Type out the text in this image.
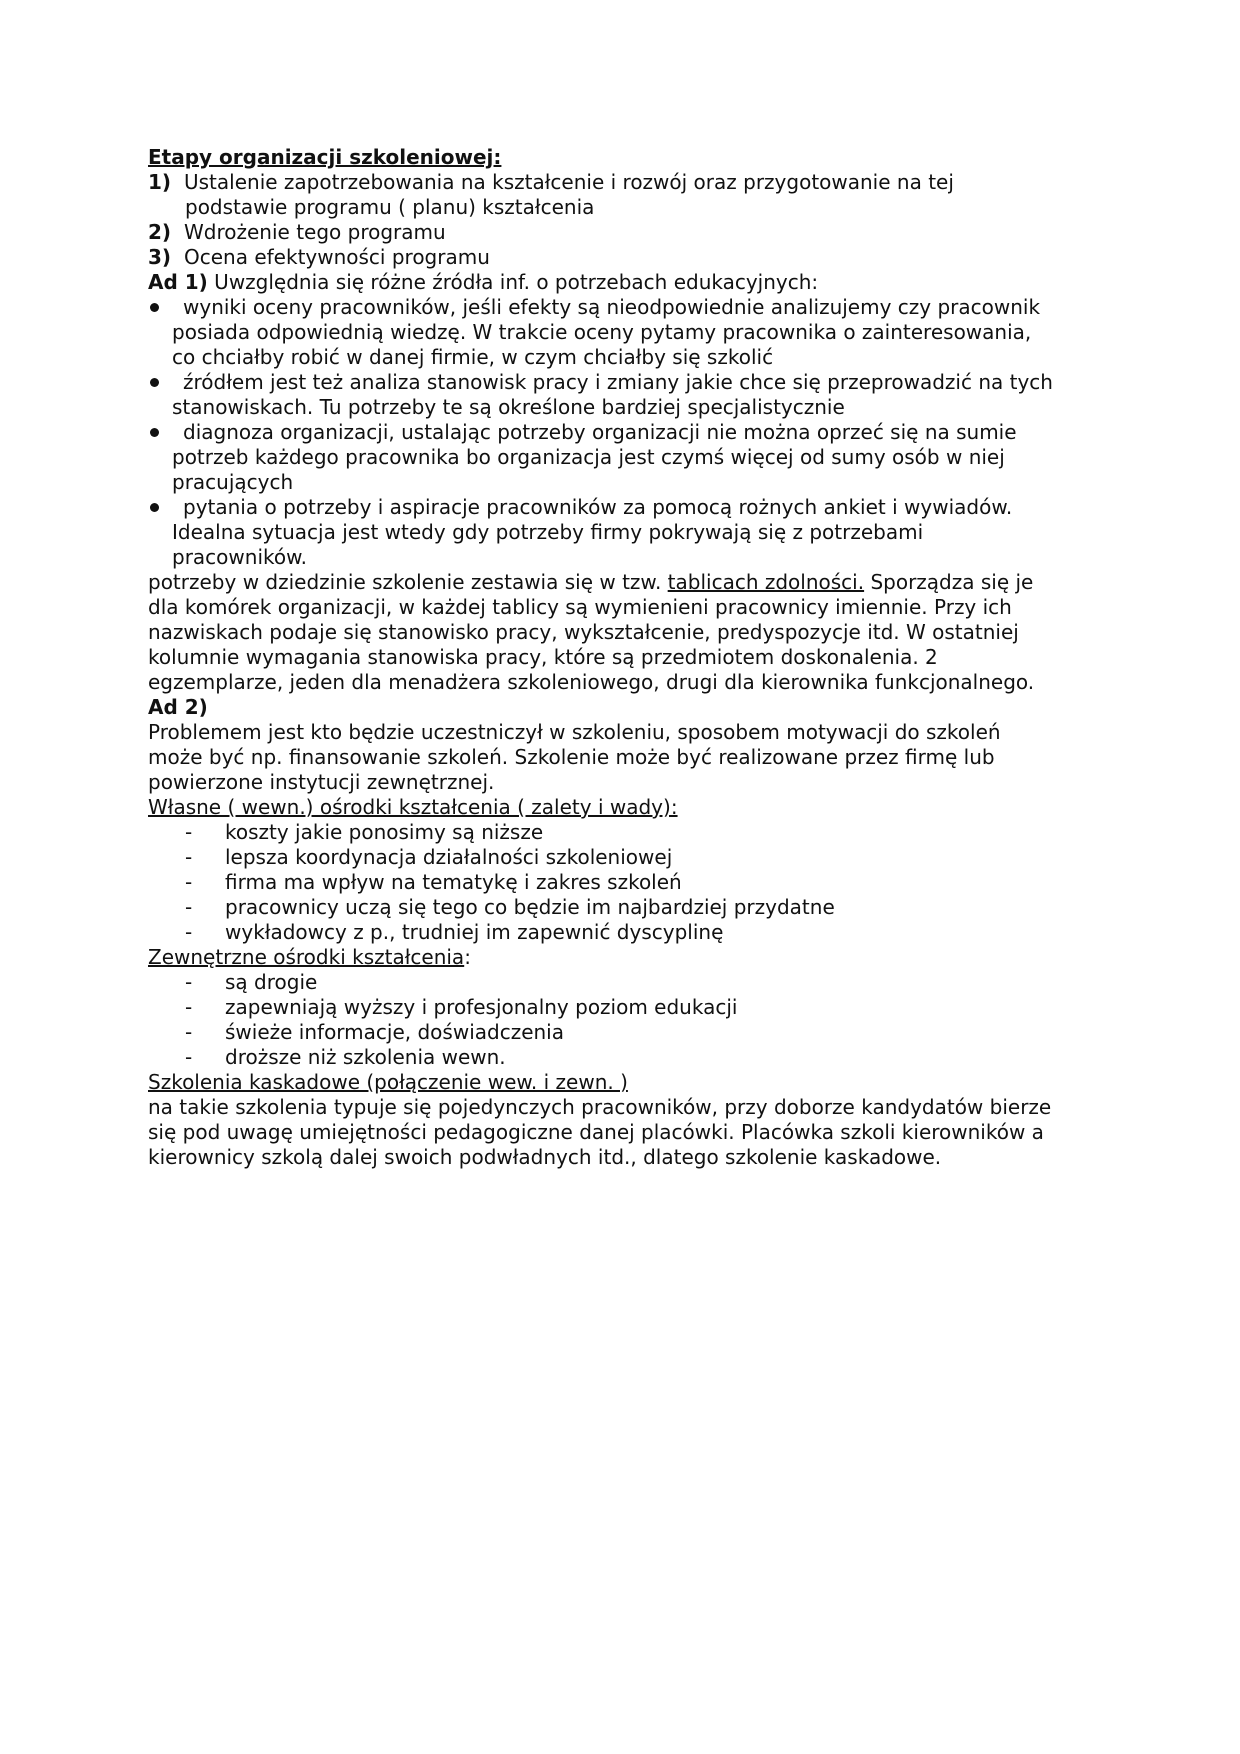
Etapy organizacji szkoleniowej:
1) Ustalenie zapotrzebowania na kształcenie i rozwój oraz przygotowanie na tej
podstawie programu ( planu) kształcenia
2) Wdrożenie tego programu
3) Ocena efektywności programu
Ad 1) Uwzględnia się różne źródła inf. o potrzebach edukacyjnych:
wyniki oceny pracowników, jeśli efekty są nieodpowiednie analizujemy czy pracownik
posiada odpowiednią wiedzę. W trakcie oceny pytamy pracownika o zainteresowania,
co chciałby robić w danej firmie, w czym chciałby się szkolić
źródłem jest też analiza stanowisk pracy i zmiany jakie chce się przeprowadzić na tych
stanowiskach. Tu potrzeby te są określone bardziej specjalistycznie
diagnoza organizacji, ustalając potrzeby organizacji nie można oprzeć się na sumie
potrzeb każdego pracownika bo organizacja jest czymś więcej od sumy osób w niej
pracujących
pytania o potrzeby i aspiracje pracowników za pomocą rożnych ankiet i wywiadów.
Idealna sytuacja jest wtedy gdy potrzeby firmy pokrywają się z potrzebami
pracowników.
potrzeby w dziedzinie szkolenie zestawia się w tzw. tablicach zdolności. Sporządza się je
dla komórek organizacji, w każdej tablicy są wymienieni pracownicy imiennie. Przy ich
nazwiskach podaje się stanowisko pracy, wykształcenie, predyspozycje itd. W ostatniej
kolumnie wymagania stanowiska pracy, które są przedmiotem doskonalenia. 2
egzemplarze, jeden dla menadżera szkoleniowego, drugi dla kierownika funkcjonalnego.
Ad 2)
Problemem jest kto będzie uczestniczył w szkoleniu, sposobem motywacji do szkoleń
może być np. finansowanie szkoleń. Szkolenie może być realizowane przez firmę lub
powierzone instytucji zewnętrznej.
Własne ( wewn.) ośrodki kształcenia ( zalety i wady):
- koszty jakie ponosimy są niższe
- lepsza koordynacja działalności szkoleniowej
- firma ma wpływ na tematykę i zakres szkoleń
- pracownicy uczą się tego co będzie im najbardziej przydatne
- wykładowcy z p., trudniej im zapewnić dyscyplinę
Zewnętrzne ośrodki kształcenia:
- są drogie
- zapewniają wyższy i profesjonalny poziom edukacji
- świeże informacje, doświadczenia
- droższe niż szkolenia wewn.
Szkolenia kaskadowe (połączenie wew. i zewn. )
na takie szkolenia typuje się pojedynczych pracowników, przy doborze kandydatów bierze
się pod uwagę umiejętności pedagogiczne danej placówki. Placówka szkoli kierowników a
kierownicy szkolą dalej swoich podwładnych itd., dlatego szkolenie kaskadowe.
